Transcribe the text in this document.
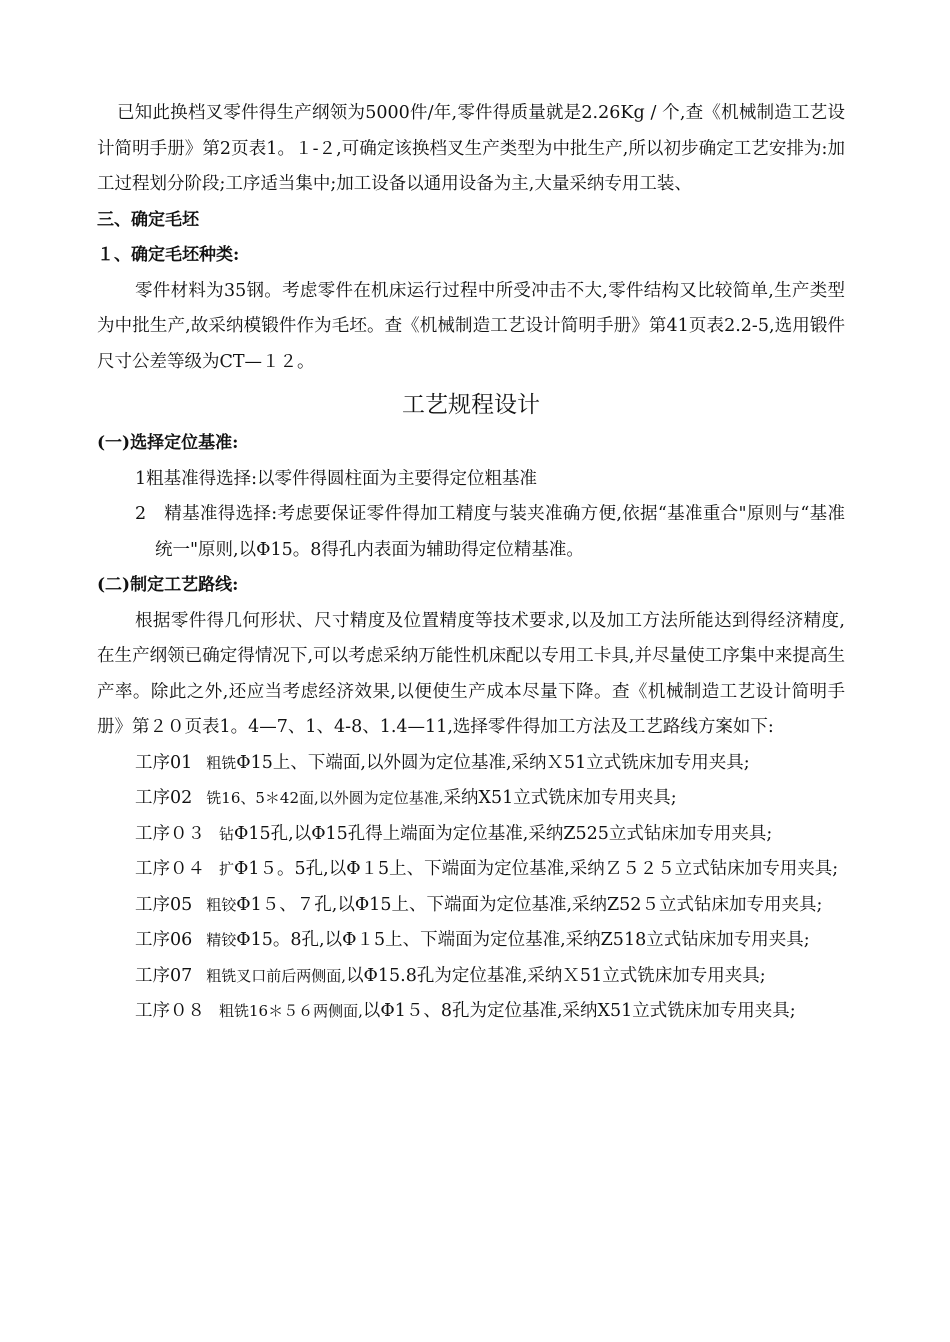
已知此换档叉零件得生产纲领为5000件/年,零件得质量就是2.26Kg / 个,查《机械制造工艺设计简明手册》第2页表1。１-２,可确定该换档叉生产类型为中批生产,所以初步确定工艺安排为:加工过程划分阶段;工序适当集中;加工设备以通用设备为主,大量采纳专用工装、

三、确定毛坯

１、确定毛坯种类:

零件材料为35钢。考虑零件在机床运行过程中所受冲击不大,零件结构又比较简单,生产类型为中批生产,故采纳模锻件作为毛坯。查《机械制造工艺设计简明手册》第41页表2.2-5,选用锻件尺寸公差等级为CT—１２。

工艺规程设计

(一)选择定位基准:

1粗基准得选择:以零件得圆柱面为主要得定位粗基准

2　精基准得选择:考虑要保证零件得加工精度与装夹准确方便,依据“基准重合"原则与“基准统一"原则,以Φ15。8得孔内表面为辅助得定位精基准。

(二)制定工艺路线:

根据零件得几何形状、尺寸精度及位置精度等技术要求,以及加工方法所能达到得经济精度,在生产纲领已确定得情况下,可以考虑采纳万能性机床配以专用工卡具,并尽量使工序集中来提高生产率。除此之外,还应当考虑经济效果,以便使生产成本尽量下降。查《机械制造工艺设计简明手册》第２０页表1。4—7、1、4-8、1.4—11,选择零件得加工方法及工艺路线方案如下:

工序01 粗铣Φ15上、下端面,以外圆为定位基准,采纳Ｘ51立式铣床加专用夹具;

工序02 铣16、5＊42面,以外圆为定位基准,采纳X51立式铣床加专用夹具;

工序０３ 钻Φ15孔,以Φ15孔得上端面为定位基准,采纳Z525立式钻床加专用夹具;

工序０４ 扩Φ1５。5孔,以Φ１5上、下端面为定位基准,采纳Ｚ５２５立式钻床加专用夹具;

工序05 粗铰Φ1５、７孔,以Φ15上、下端面为定位基准,采纳Z52５立式钻床加专用夹具;

工序06 精铰Φ15。8孔,以Φ１5上、下端面为定位基准,采纳Z518立式钻床加专用夹具;

工序07 粗铣叉口前后两侧面,以Φ15.8孔为定位基准,采纳Ｘ51立式铣床加专用夹具;

工序０８ 粗铣16＊５６两侧面,以Φ1５、8孔为定位基准,采纳X51立式铣床加专用夹具;
